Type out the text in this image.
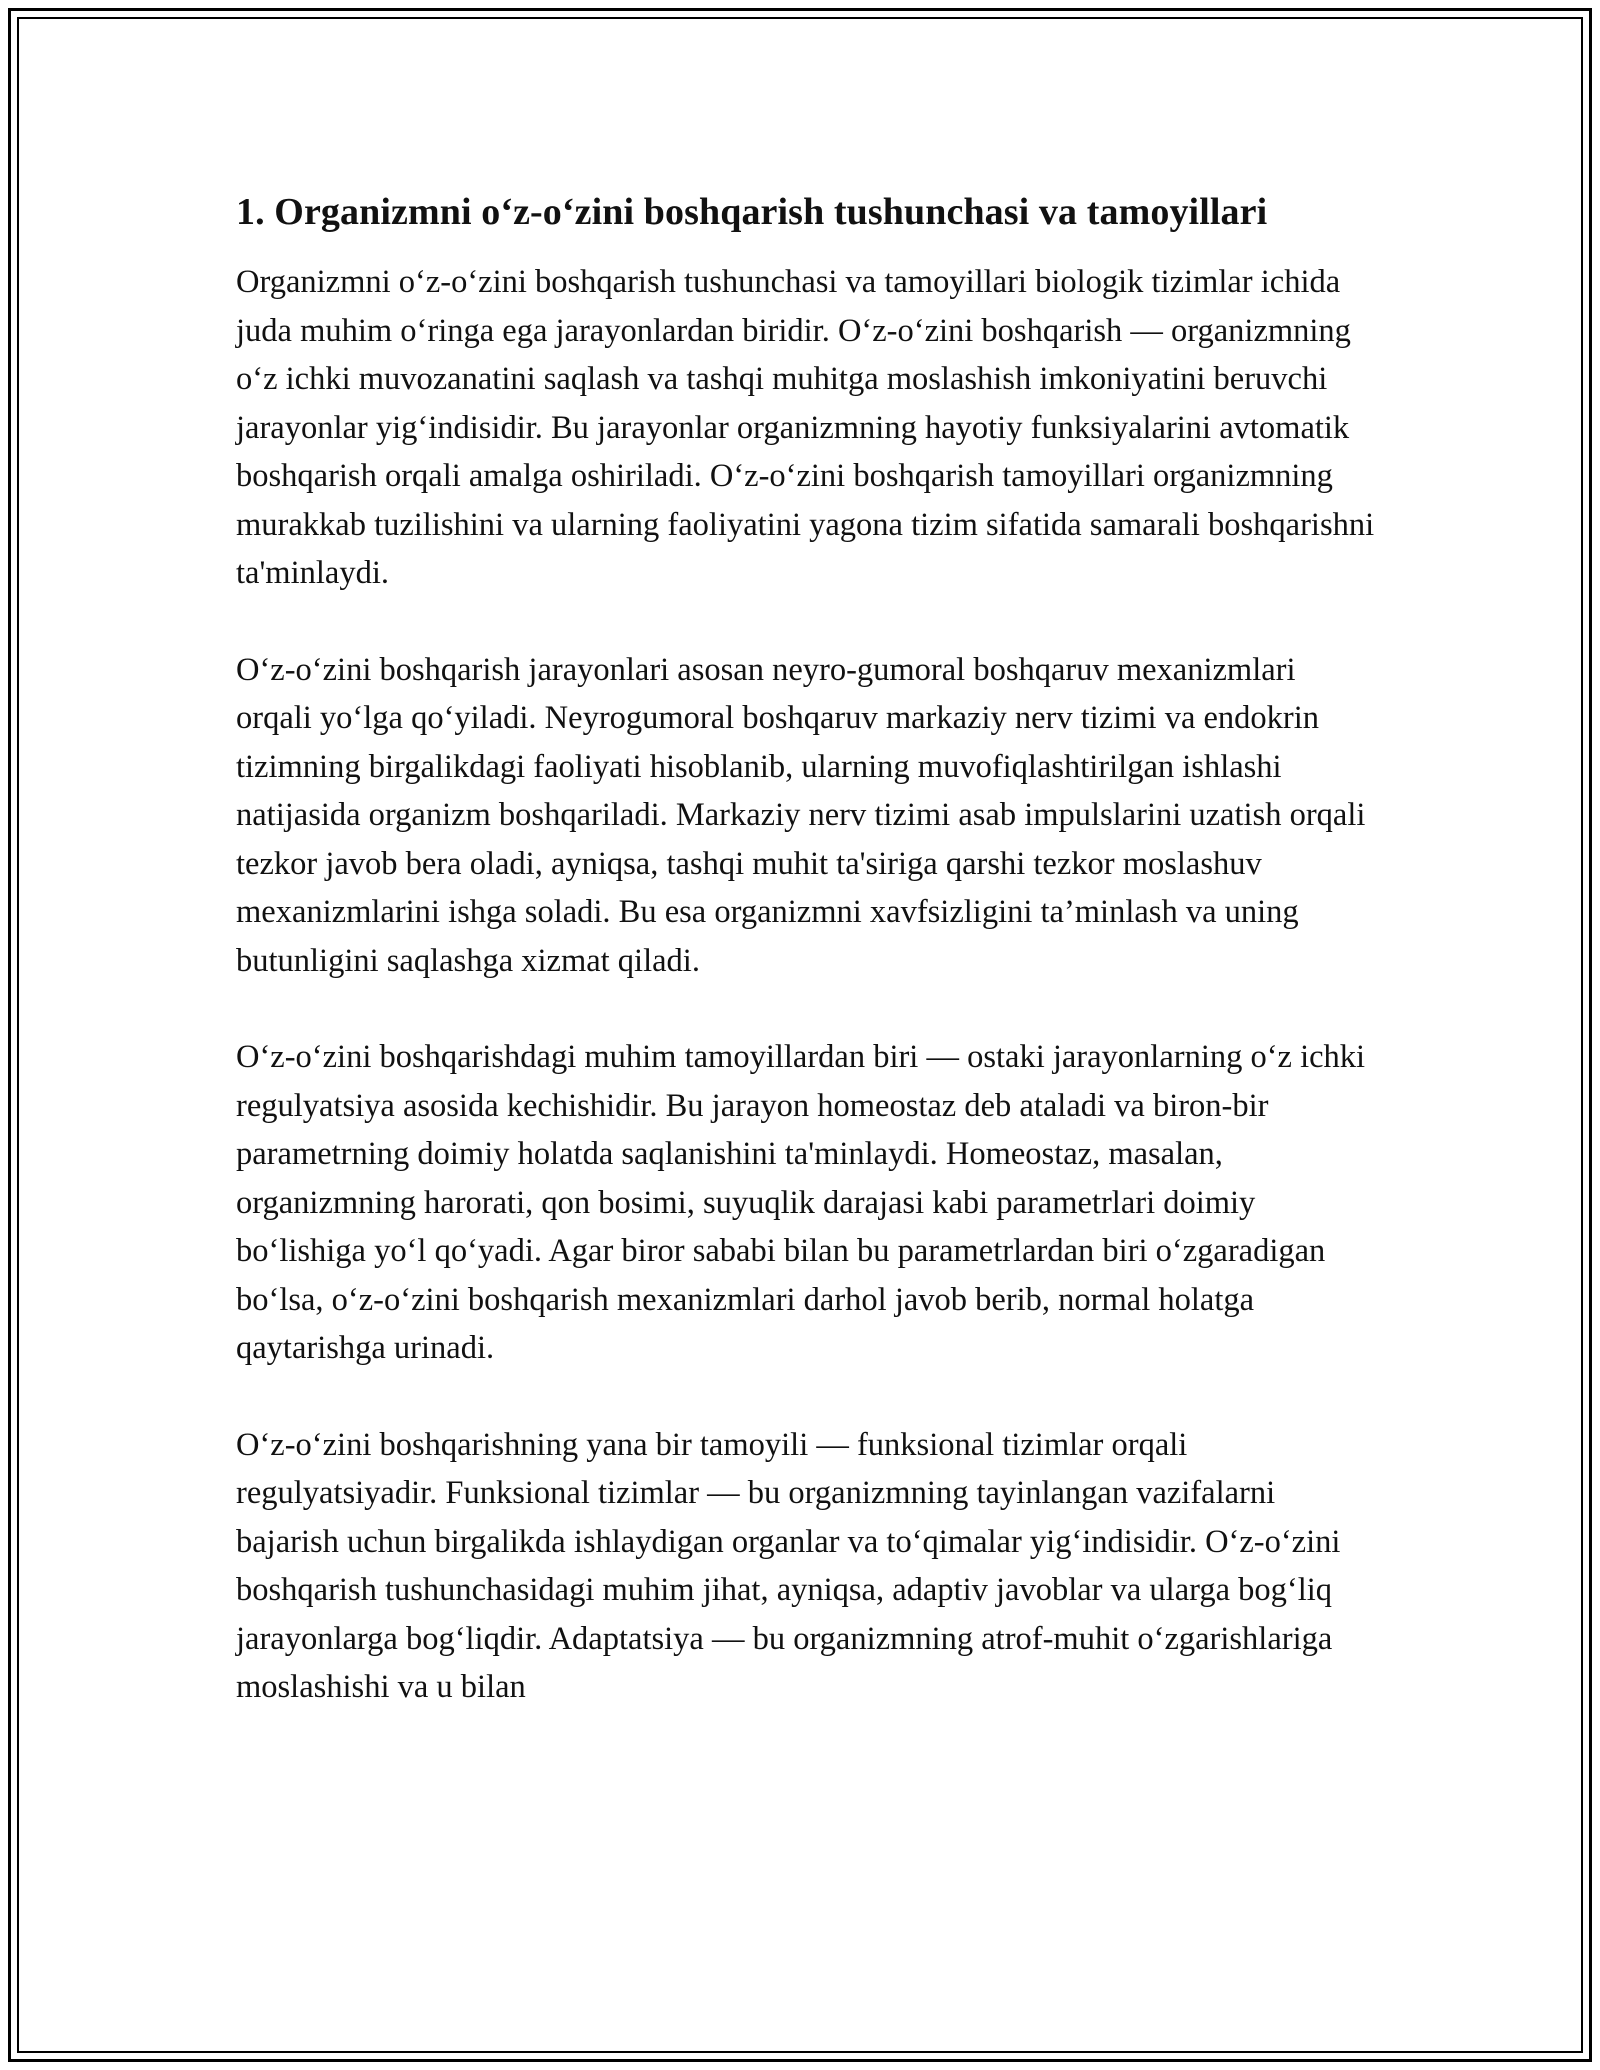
1. Organizmni o‘z-o‘zini boshqarish tushunchasi va tamoyillari

Organizmni o‘z-o‘zini boshqarish tushunchasi va tamoyillari biologik tizimlar ichida juda muhim o‘ringa ega jarayonlardan biridir. O‘z-o‘zini boshqarish — organizmning o‘z ichki muvozanatini saqlash va tashqi muhitga moslashish imkoniyatini beruvchi jarayonlar yig‘indisidir. Bu jarayonlar organizmning hayotiy funksiyalarini avtomatik boshqarish orqali amalga oshiriladi. O‘z-o‘zini boshqarish tamoyillari organizmning murakkab tuzilishini va ularning faoliyatini yagona tizim sifatida samarali boshqarishni ta'minlaydi.

O‘z-o‘zini boshqarish jarayonlari asosan neyro-gumoral boshqaruv mexanizmlari orqali yo‘lga qo‘yiladi. Neyrogumoral boshqaruv markaziy nerv tizimi va endokrin tizimning birgalikdagi faoliyati hisoblanib, ularning muvofiqlashtirilgan ishlashi natijasida organizm boshqariladi. Markaziy nerv tizimi asab impulslarini uzatish orqali tezkor javob bera oladi, ayniqsa, tashqi muhit ta'siriga qarshi tezkor moslashuv mexanizmlarini ishga soladi. Bu esa organizmni xavfsizligini ta’minlash va uning butunligini saqlashga xizmat qiladi.

O‘z-o‘zini boshqarishdagi muhim tamoyillardan biri — ostaki jarayonlarning o‘z ichki regulyatsiya asosida kechishidir. Bu jarayon homeostaz deb ataladi va biron-bir parametrning doimiy holatda saqlanishini ta'minlaydi. Homeostaz, masalan, organizmning harorati, qon bosimi, suyuqlik darajasi kabi parametrlari doimiy bo‘lishiga yo‘l qo‘yadi. Agar biror sababi bilan bu parametrlardan biri o‘zgaradigan bo‘lsa, o‘z-o‘zini boshqarish mexanizmlari darhol javob berib, normal holatga qaytarishga urinadi.

O‘z-o‘zini boshqarishning yana bir tamoyili — funksional tizimlar orqali regulyatsiyadir. Funksional tizimlar — bu organizmning tayinlangan vazifalarni bajarish uchun birgalikda ishlaydigan organlar va to‘qimalar yig‘indisidir. O‘z-o‘zini boshqarish tushunchasidagi muhim jihat, ayniqsa, adaptiv javoblar va ularga bog‘liq jarayonlarga bog‘liqdir. Adaptatsiya — bu organizmning atrof-muhit o‘zgarishlariga moslashishi va u bilan
